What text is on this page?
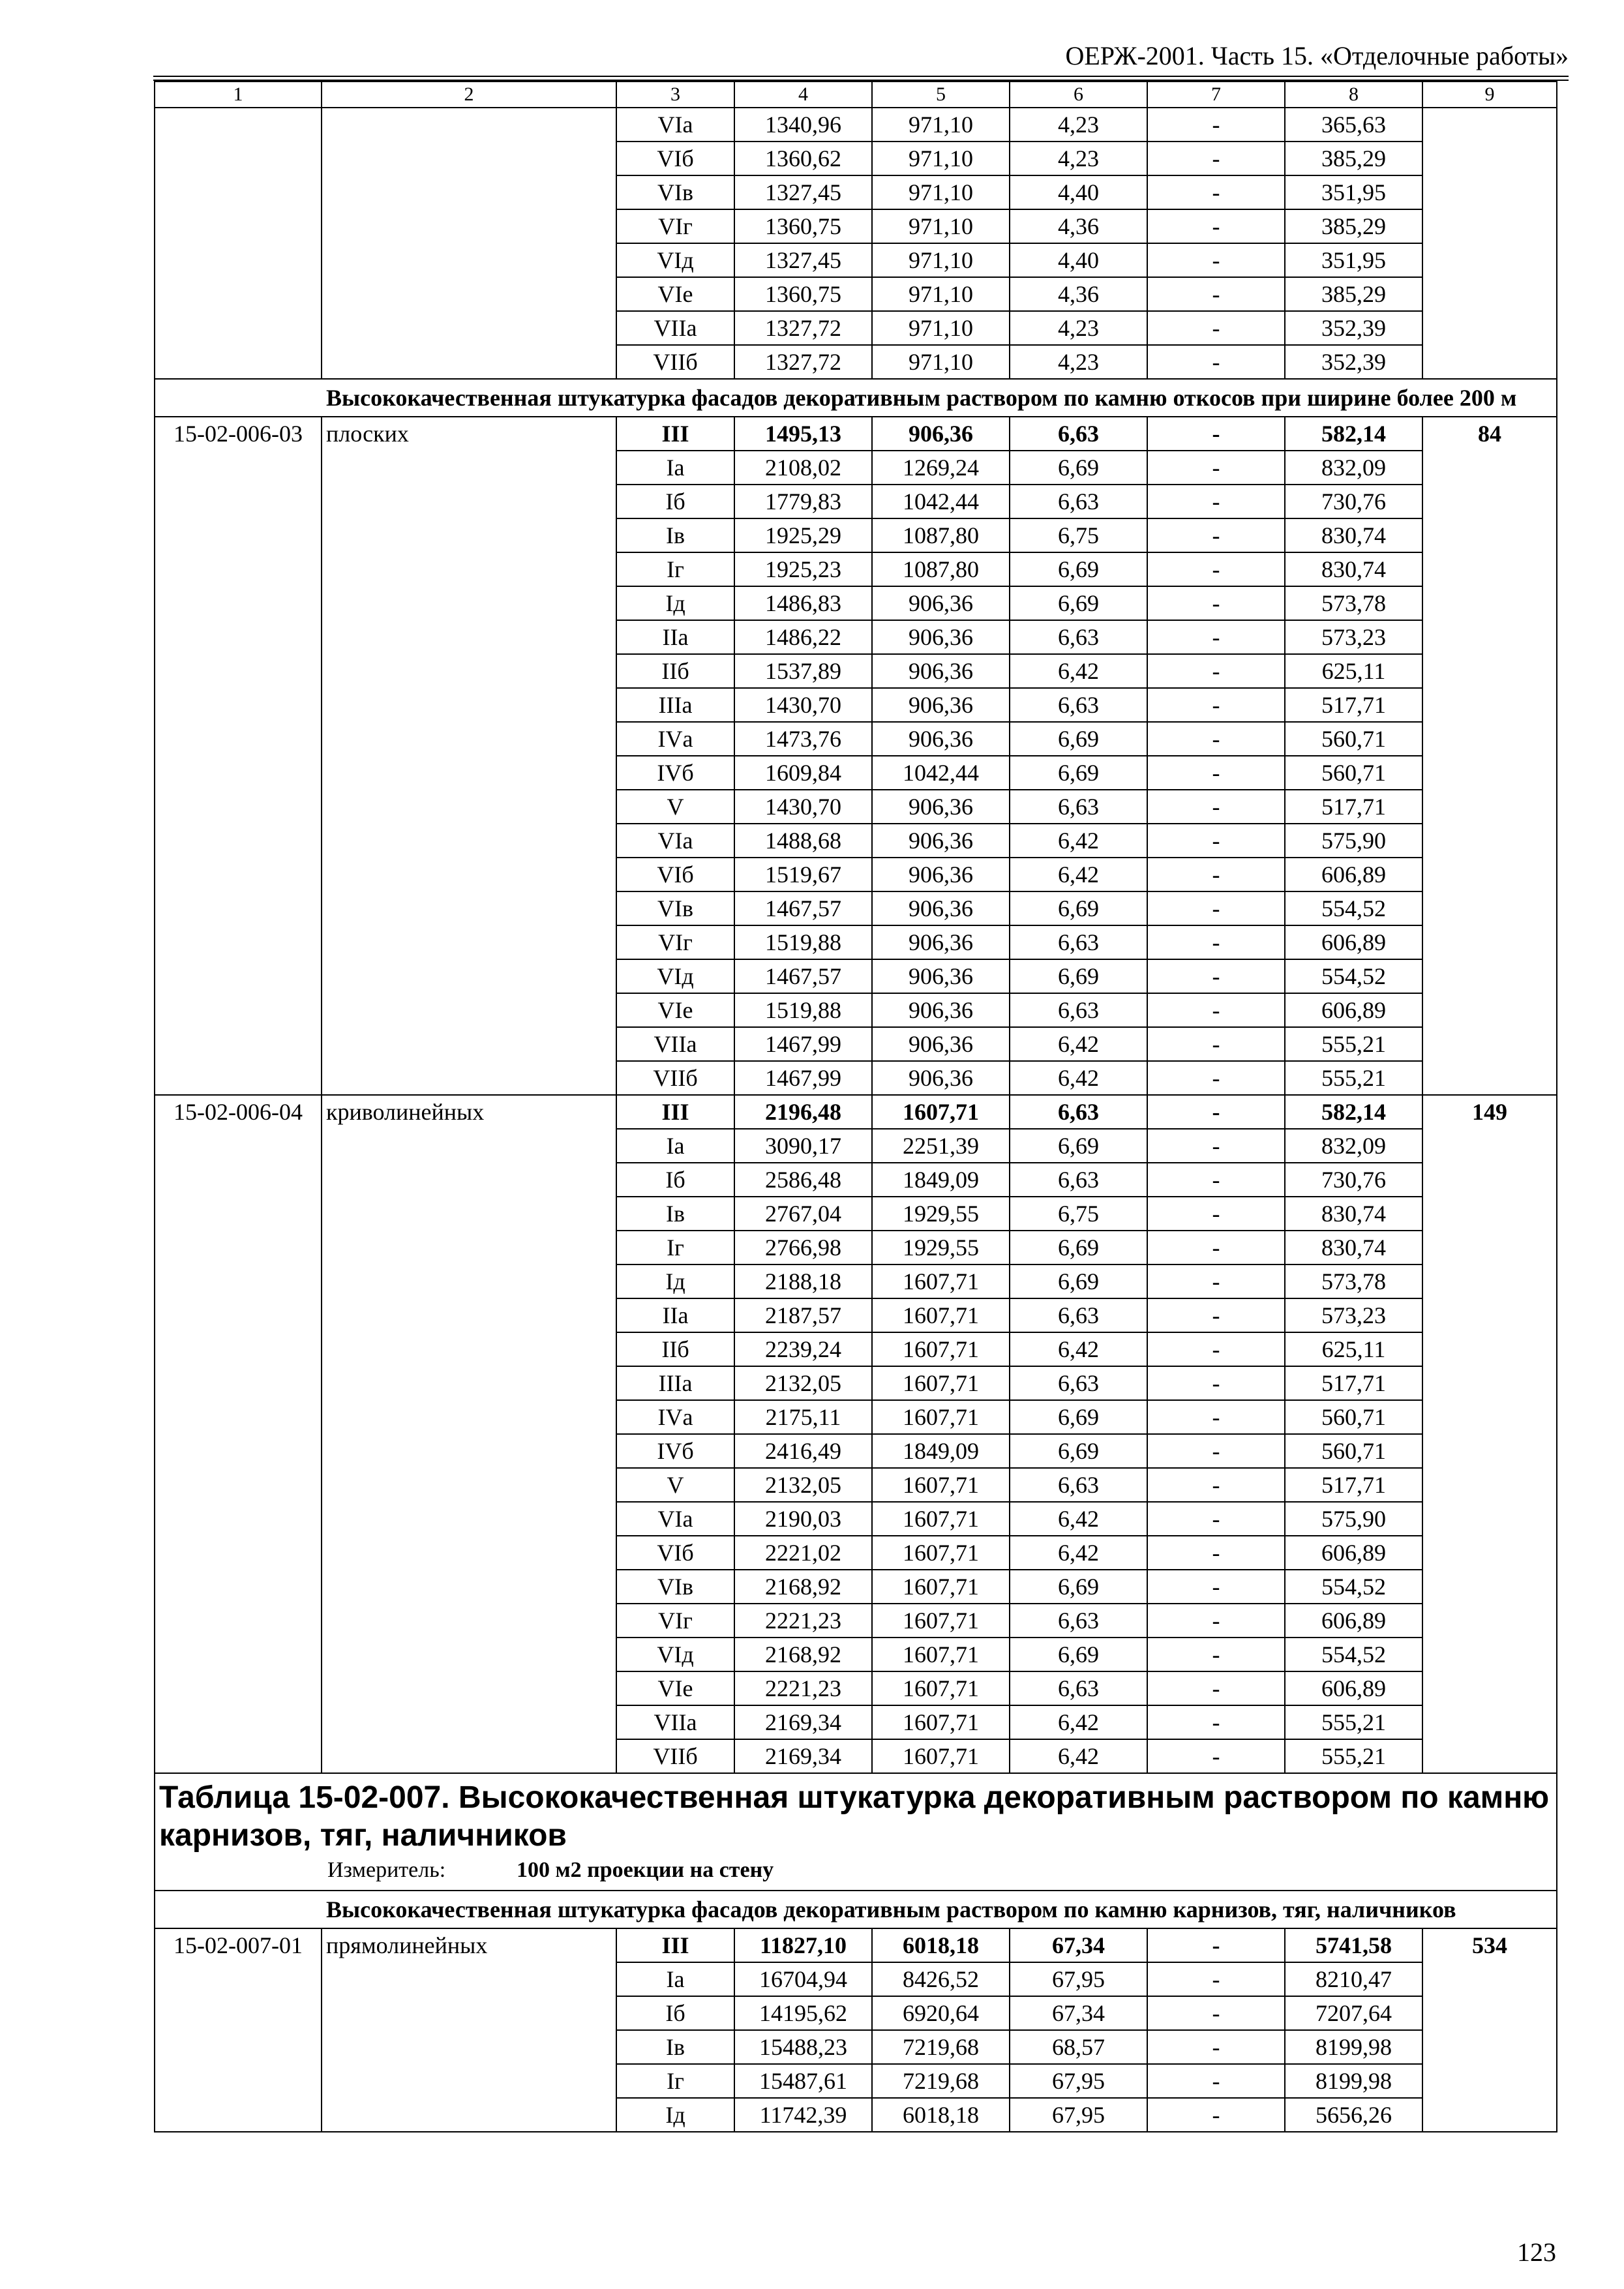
ОЕРЖ-2001. Часть 15. «Отделочные работы»
1	2	3	4	5	6	7	8	9
		VIа	1340,96	971,10	4,23	-	365,63	
		VIб	1360,62	971,10	4,23	-	385,29	
		VIв	1327,45	971,10	4,40	-	351,95	
		VIг	1360,75	971,10	4,36	-	385,29	
		VIд	1327,45	971,10	4,40	-	351,95	
		VIе	1360,75	971,10	4,36	-	385,29	
		VIIа	1327,72	971,10	4,23	-	352,39	
		VIIб	1327,72	971,10	4,23	-	352,39	
Высококачественная штукатурка фасадов декоративным раствором по камню откосов при ширине более 200 м								
15-02-006-03	плоских	III	1495,13	906,36	6,63	-	582,14	84
		Iа	2108,02	1269,24	6,69	-	832,09	
		Iб	1779,83	1042,44	6,63	-	730,76	
		Iв	1925,29	1087,80	6,75	-	830,74	
		Iг	1925,23	1087,80	6,69	-	830,74	
		Iд	1486,83	906,36	6,69	-	573,78	
		IIа	1486,22	906,36	6,63	-	573,23	
		IIб	1537,89	906,36	6,42	-	625,11	
		IIIа	1430,70	906,36	6,63	-	517,71	
		IVа	1473,76	906,36	6,69	-	560,71	
		IVб	1609,84	1042,44	6,69	-	560,71	
		V	1430,70	906,36	6,63	-	517,71	
		VIа	1488,68	906,36	6,42	-	575,90	
		VIб	1519,67	906,36	6,42	-	606,89	
		VIв	1467,57	906,36	6,69	-	554,52	
		VIг	1519,88	906,36	6,63	-	606,89	
		VIд	1467,57	906,36	6,69	-	554,52	
		VIе	1519,88	906,36	6,63	-	606,89	
		VIIа	1467,99	906,36	6,42	-	555,21	
		VIIб	1467,99	906,36	6,42	-	555,21	
15-02-006-04	криволинейных	III	2196,48	1607,71	6,63	-	582,14	149
		Iа	3090,17	2251,39	6,69	-	832,09	
		Iб	2586,48	1849,09	6,63	-	730,76	
		Iв	2767,04	1929,55	6,75	-	830,74	
		Iг	2766,98	1929,55	6,69	-	830,74	
		Iд	2188,18	1607,71	6,69	-	573,78	
		IIа	2187,57	1607,71	6,63	-	573,23	
		IIб	2239,24	1607,71	6,42	-	625,11	
		IIIа	2132,05	1607,71	6,63	-	517,71	
		IVа	2175,11	1607,71	6,69	-	560,71	
		IVб	2416,49	1849,09	6,69	-	560,71	
		V	2132,05	1607,71	6,63	-	517,71	
		VIа	2190,03	1607,71	6,42	-	575,90	
		VIб	2221,02	1607,71	6,42	-	606,89	
		VIв	2168,92	1607,71	6,69	-	554,52	
		VIг	2221,23	1607,71	6,63	-	606,89	
		VIд	2168,92	1607,71	6,69	-	554,52	
		VIе	2221,23	1607,71	6,63	-	606,89	
		VIIа	2169,34	1607,71	6,42	-	555,21	
		VIIб	2169,34	1607,71	6,42	-	555,21	

Таблица 15-02-007. Высококачественная штукатурка декоративным раствором по камню карнизов, тяг, наличников
Измеритель: 100 м2 проекции на стену								

Высококачественная штукатурка фасадов декоративным раствором по камню карнизов, тяг, наличников								
15-02-007-01	прямолинейных	III	11827,10	6018,18	67,34	-	5741,58	534
		Iа	16704,94	8426,52	67,95	-	8210,47	
		Iб	14195,62	6920,64	67,34	-	7207,64	
		Iв	15488,23	7219,68	68,57	-	8199,98	
		Iг	15487,61	7219,68	67,95	-	8199,98	
		Iд	11742,39	6018,18	67,95	-	5656,26	
123
